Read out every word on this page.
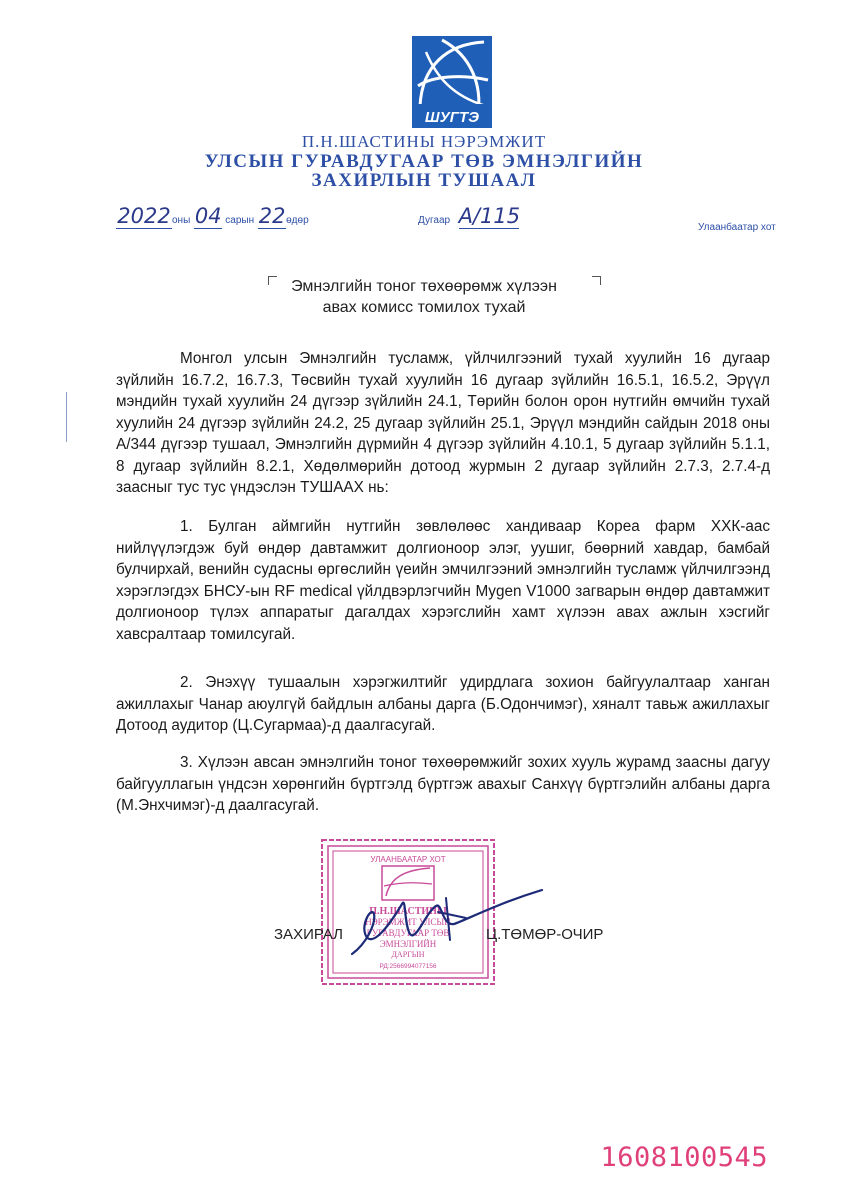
ШУГТЭ
П.Н.ШАСТИНЫ НЭРЭМЖИТ
УЛСЫН ГУРАВДУГААР ТӨВ ЭМНЭЛГИЙН
ЗАХИРЛЫН ТУШААЛ
2022оны 04 сарын 22өдөр	Дугаар A/115	Улаанбаатар хот
Эмнэлгийн тоног төхөөрөмж хүлээн
авах комисс томилох тухай
Монгол улсын Эмнэлгийн тусламж, үйлчилгээний тухай хуулийн 16 дугаар зүйлийн 16.7.2, 16.7.3, Төсвийн тухай хуулийн 16 дугаар зүйлийн 16.5.1, 16.5.2, Эрүүл мэндийн тухай хуулийн 24 дүгээр зүйлийн 24.1, Төрийн болон орон нутгийн өмчийн тухай хуулийн 24 дүгээр зүйлийн 24.2, 25 дугаар зүйлийн 25.1, Эрүүл мэндийн сайдын 2018 оны А/344 дүгээр тушаал, Эмнэлгийн дүрмийн 4 дүгээр зүйлийн 4.10.1, 5 дугаар зүйлийн 5.1.1, 8 дугаар зүйлийн 8.2.1, Хөдөлмөрийн дотоод журмын 2 дугаар зүйлийн 2.7.3, 2.7.4-д заасныг тус тус үндэслэн ТУШААХ нь:
1. Булган аймгийн нутгийн зөвлөлөөс хандиваар Кореа фарм ХХК-аас нийлүүлэгдэж буй өндөр давтамжит долгионоор элэг, уушиг, бөөрний хавдар, бамбай булчирхай, венийн судасны өргөслийн үеийн эмчилгээний эмнэлгийн тусламж үйлчилгээнд хэрэглэгдэх БНСУ-ын RF medical үйлдвэрлэгчийн Mygen V1000 загварын өндөр давтамжит долгионоор түлэх аппаратыг дагалдах хэрэгслийн хамт хүлээн авах ажлын хэсгийг хавсралтаар томилсугай.
2. Энэхүү тушаалын хэрэгжилтийг удирдлага зохион байгуулалтаар ханган ажиллахыг Чанар аюулгүй байдлын албаны дарга (Б.Одончимэг), хяналт тавьж ажиллахыг Дотоод аудитор (Ц.Сугармаа)-д даалгасугай.
3. Хүлээн авсан эмнэлгийн тоног төхөөрөмжийг зохих хууль журамд заасны дагуу байгууллагын үндсэн хөрөнгийн бүртгэлд бүртгэж авахыг Санхүү бүртгэлийн албаны дарга (М.Энхчимэг)-д даалгасугай.
УЛААНБААТАР ХОТ
П.Н.ШАСТИНЫ
НЭРЭМЖИТ УЛСЫН
ГУРАВДУГААР ТӨВ
ЭМНЭЛГИЙН
ДАРГЫН
РД:2566994077156
ЗАХИРАЛ	Ц.ТӨМӨР-ОЧИР
1608100545
